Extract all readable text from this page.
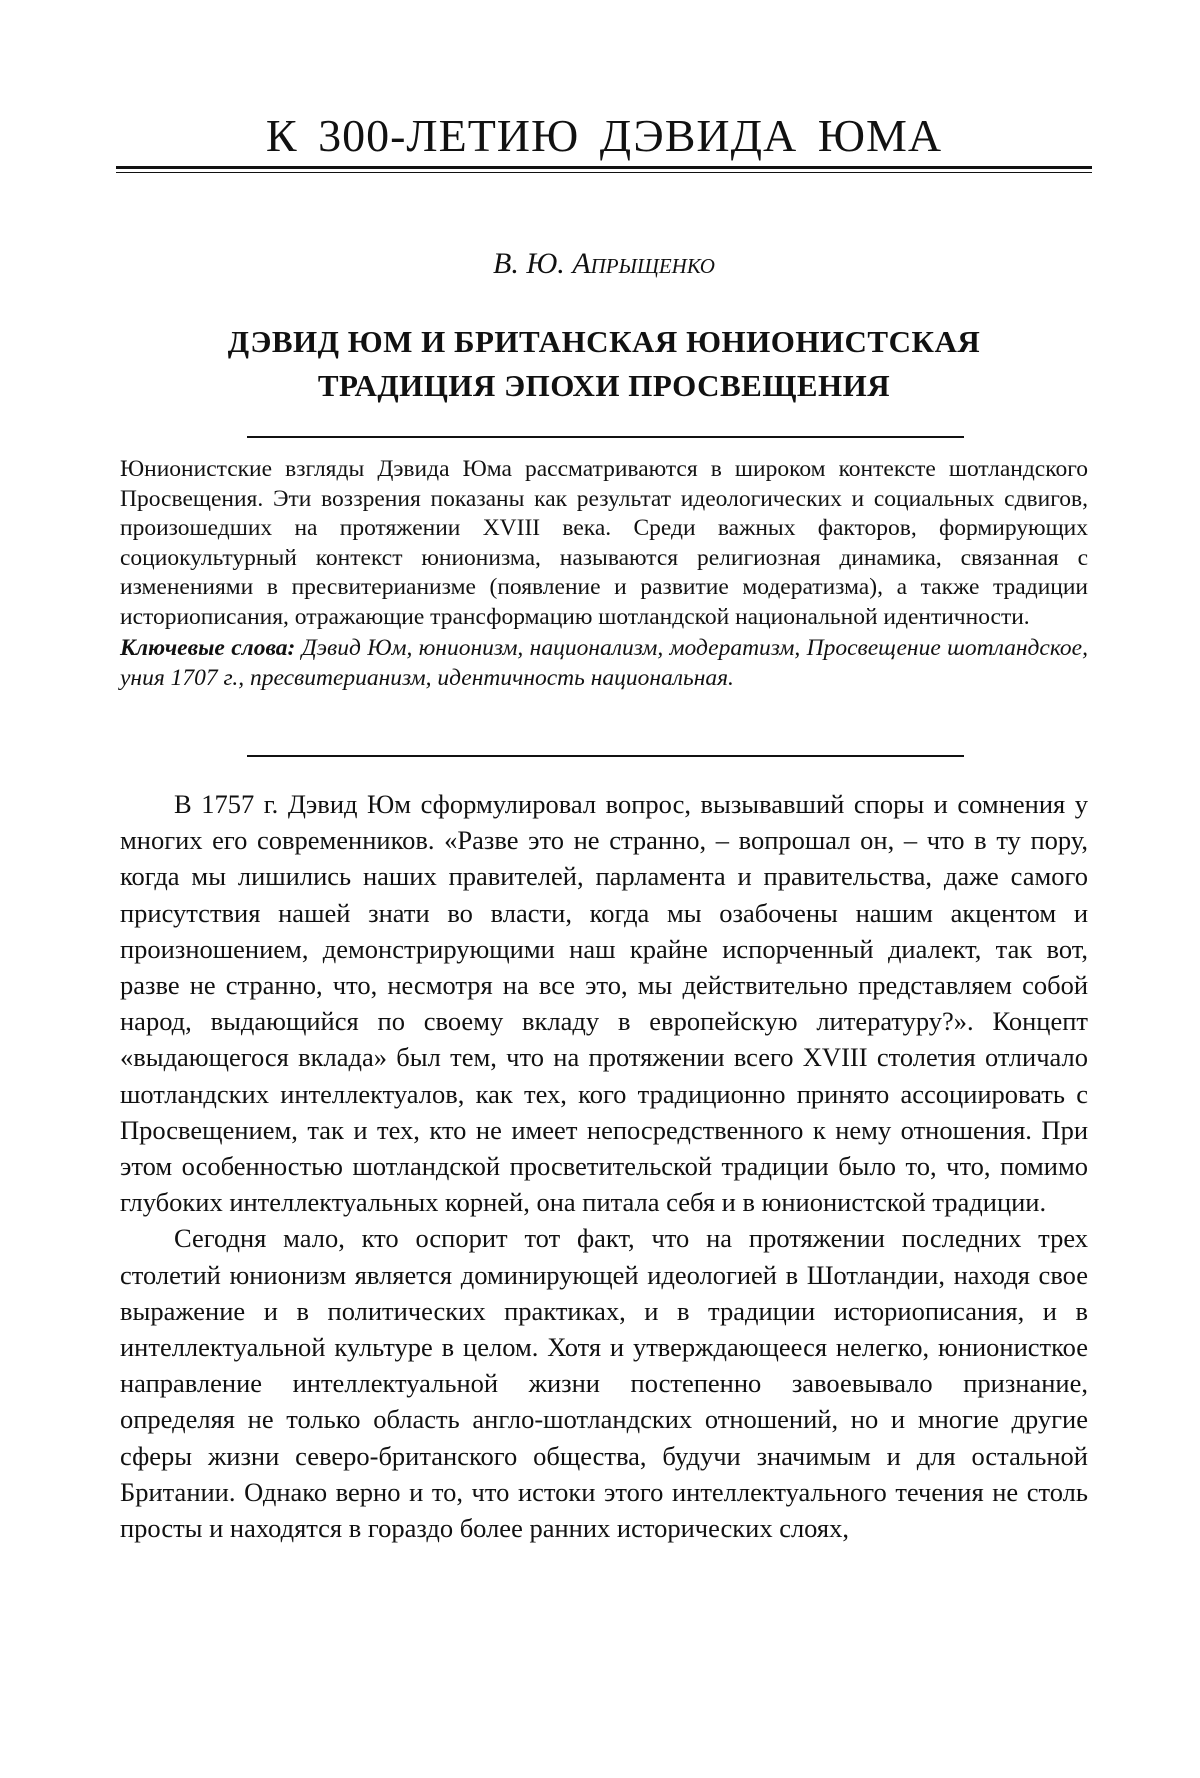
К 300-ЛЕТИЮ ДЭВИДА ЮМА
В. Ю. Апрыщенко
ДЭВИД ЮМ И БРИТАНСКАЯ ЮНИОНИСТСКАЯ
ТРАДИЦИЯ ЭПОХИ ПРОСВЕЩЕНИЯ

Юнионистские взгляды Дэвида Юма рассматриваются в широком контексте шотландского Просвещения. Эти воззрения показаны как результат идеологических и социальных сдвигов, произошедших на протяжении XVIII века. Среди важных факторов, формирующих социокультурный контекст юнионизма, называются религиозная динамика, связанная с изменениями в пресвитерианизме (появление и развитие модератизма), а также традиции историописания, отражающие трансформацию шотландской национальной идентичности.

Ключевые слова: Дэвид Юм, юнионизм, национализм, модератизм, Просвещение шотландское, уния 1707 г., пресвитерианизм, идентичность национальная.

В 1757 г. Дэвид Юм сформулировал вопрос, вызывавший споры и сомнения у многих его современников. «Разве это не странно, – вопрошал он, – что в ту пору, когда мы лишились наших правителей, парламента и правительства, даже самого присутствия нашей знати во власти, когда мы озабочены нашим акцентом и произношением, демонстрирующими наш крайне испорченный диалект, так вот, разве не странно, что, несмотря на все это, мы действительно представляем собой народ, выдающийся по своему вкладу в европейскую литературу?». Концепт «выдающегося вклада» был тем, что на протяжении всего XVIII столетия отличало шотландских интеллектуалов, как тех, кого традиционно принято ассоциировать с Просвещением, так и тех, кто не имеет непосредственного к нему отношения. При этом особенностью шотландской просветительской традиции было то, что, помимо глубоких интеллектуальных корней, она питала себя и в юнионистской традиции.

Сегодня мало, кто оспорит тот факт, что на протяжении последних трех столетий юнионизм является доминирующей идеологией в Шотландии, находя свое выражение и в политических практиках, и в традиции историописания, и в интеллектуальной культуре в целом. Хотя и утверждающееся нелегко, юнионисткое направление интеллектуальной жизни постепенно завоевывало признание, определяя не только область англо-шотландских отношений, но и многие другие сферы жизни северо-британского общества, будучи значимым и для остальной Британии. Однако верно и то, что истоки этого интеллектуального течения не столь просты и находятся в гораздо более ранних исторических слоях,
